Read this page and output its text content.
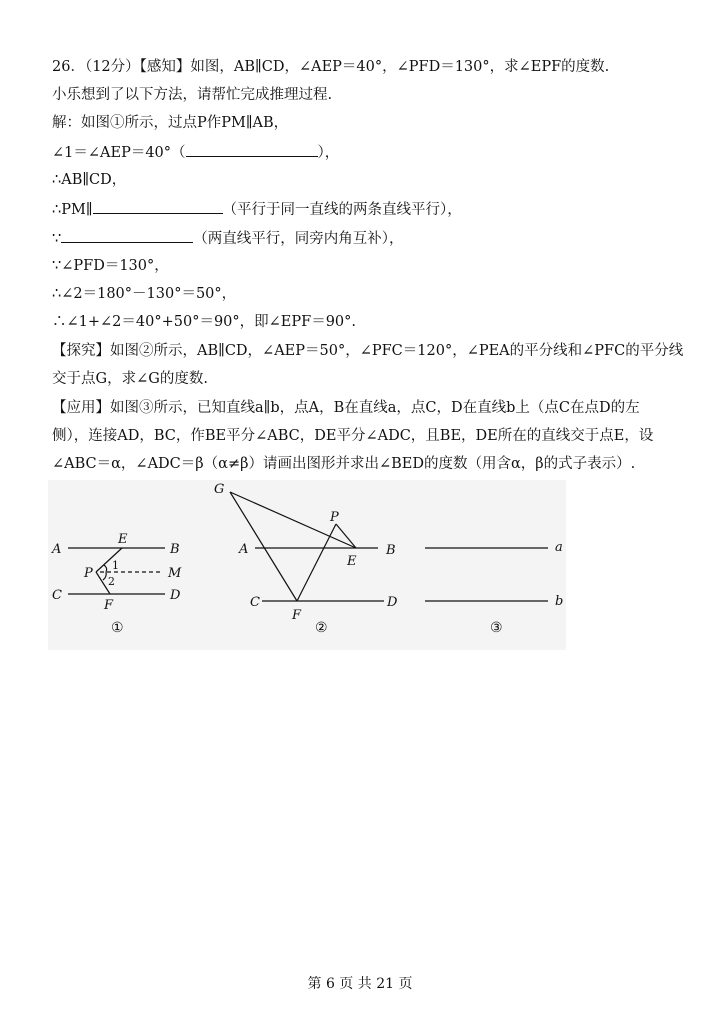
26．（12分）【感知】如图，AB∥CD，∠AEP＝40°，∠PFD＝130°，求∠EPF的度数.
小乐想到了以下方法，请帮忙完成推理过程.
解：如图①所示，过点P作PM∥AB，
∠1＝∠AEP＝40°（	），
∴AB∥CD，
∴PM∥	（平行于同一直线的两条直线平行），
∵	（两直线平行，同旁内角互补），
∵∠PFD＝130°，
∴∠2＝180°－130°＝50°，
∴∠1+∠2＝40°+50°＝90°，即∠EPF＝90°.
【探究】如图②所示，AB∥CD，∠AEP＝50°，∠PFC＝120°，∠PEA的平分线和∠PFC的平分线
交于点G，求∠G的度数.
【应用】如图③所示，已知直线a∥b，点A，B在直线a，点C，D在直线b上（点C在点D的左
侧），连接AD，BC，作BE平分∠ABC，DE平分∠ADC，且BE，DE所在的直线交于点E，设
∠ABC＝α，∠ADC＝β（α≠β）请画出图形并求出∠BED的度数（用含α，β的式子表示）.
A	B
C	D
E
F
P	M
1
2
①
G
A	B
P
E
C	D
F
②
a
b
③
第 6 页 共 21 页
